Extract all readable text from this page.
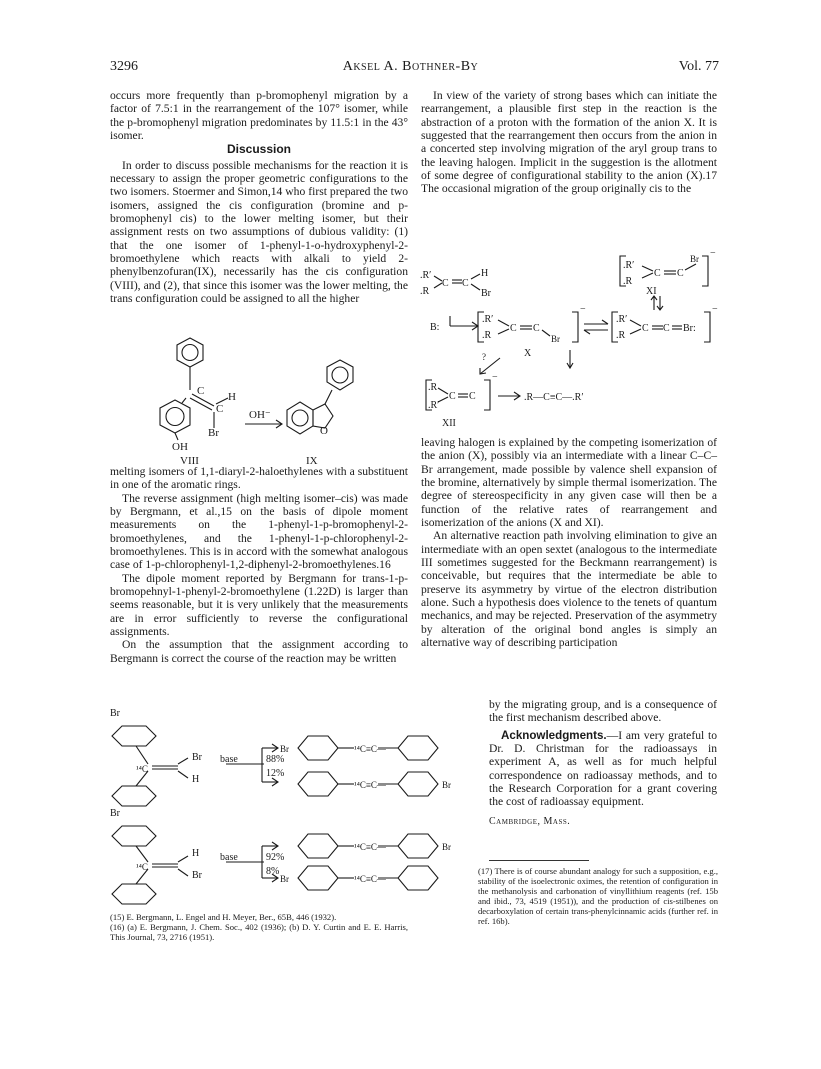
3296	Aksel A. Bothner-By	Vol. 77

occurs more frequently than p-bromophenyl migration by a factor of 7.5:1 in the rearrangement of the 107° isomer, while the p-bromophenyl migration predominates by 11.5:1 in the 43° isomer.

Discussion

In order to discuss possible mechanisms for the reaction it is necessary to assign the proper geometric configurations to the two isomers. Stoermer and Simon,14 who first prepared the two isomers, assigned the cis configuration (bromine and p-bromophenyl cis) to the lower melting isomer, but their assignment rests on two assumptions of dubious validity: (1) that the one isomer of 1-phenyl-1-o-hydroxyphenyl-2-bromoethylene which reacts with alkali to yield 2-phenylbenzofuran(IX), necessarily has the cis configuration (VIII), and (2), that since this isomer was the lower melting, the trans configuration could be assigned to all the higher

C
C
H
Br
OH
OH⁻
O
VIII	IX

melting isomers of 1,1-diaryl-2-haloethylenes with a substituent in one of the aromatic rings.

The reverse assignment (high melting isomer–cis) was made by Bergmann, et al.,15 on the basis of dipole moment measurements on the 1-phenyl-1-p-bromophenyl-2-bromoethylenes, and the 1-phenyl-1-p-chlorophenyl-2-bromoethylenes. This is in accord with the somewhat analogous case of 1-p-chlorophenyl-1,2-diphenyl-2-bromoethylenes.16

The dipole moment reported by Bergmann for trans-1-p-bromopehnyl-1-phenyl-2-bromoethylene (1.22D) is larger than seems reasonable, but it is very unlikely that the measurements are in error sufficiently to reverse the configurational assignments.

On the assumption that the assignment according to Bergmann is correct the course of the reaction may be written

In view of the variety of strong bases which can initiate the rearrangement, a plausible first step in the reaction is the abstraction of a proton with the formation of the anion X. It is suggested that the rearrangement then occurs from the anion in a concerted step involving migration of the aryl group trans to the leaving halogen. Implicit in the suggestion is the allotment of some degree of configurational stability to the anion (X).17 The occasional migration of the group originally cis to the

.R′
.R
C C
Br −
XI
.R′
.R
C C
H
Br
B:
.R′
.R
C C
Br
−
X
.R′
.R
C C Br:
−
?
.R
.R′
C C
−
.R—C≡C—.R′
XII

leaving halogen is explained by the competing isomerization of the anion (X), possibly via an intermediate with a linear C–C–Br arrangement, made possible by valence shell expansion of the bromine, alternatively by simple thermal isomerization. The degree of stereospecificity in any given case will then be a function of the relative rates of rearrangement and isomerization of the anions (X and XI).

An alternative reaction path involving elimination to give an intermediate with an open sextet (analogous to the intermediate III sometimes suggested for the Beckmann rearrangement) is conceivable, but requires that the intermediate be able to preserve its asymmetry by virtue of the electron distribution alone. Such a hypothesis does violence to the tenets of quantum mechanics, and may be rejected. Preservation of the asymmetry by alteration of the original bond angles is simply an alternative way of describing participation

by the migrating group, and is a consequence of the first mechanism described above.

Acknowledgments.—I am very grateful to Dr. D. Christman for the radioassays in experiment A, as well as for much helpful correspondence on radioassay methods, and to the Research Corporation for a grant covering the cost of radioassay equipment.

Cambridge, Mass.

Br
¹⁴C
Br
H
base	88%
12%
Br	¹⁴C≡C—
¹⁴C≡C—	Br
Br
¹⁴C
H
Br
base	92%
8%
¹⁴C≡C—	Br
Br	¹⁴C≡C—

(15) E. Bergmann, L. Engel and H. Meyer, Ber., 65B, 446 (1932).

(16) (a) E. Bergmann, J. Chem. Soc., 402 (1936); (b) D. Y. Curtin and E. E. Harris, This Journal, 73, 2716 (1951).

(17) There is of course abundant analogy for such a supposition, e.g., stability of the isoelectronic oximes, the retention of configuration in the methanolysis and carbonation of vinyllithium reagents (ref. 15b and ibid., 73, 4519 (1951)), and the production of cis-stilbenes on decarboxylation of certain trans-phenylcinnamic acids (further ref. in ref. 16b).
